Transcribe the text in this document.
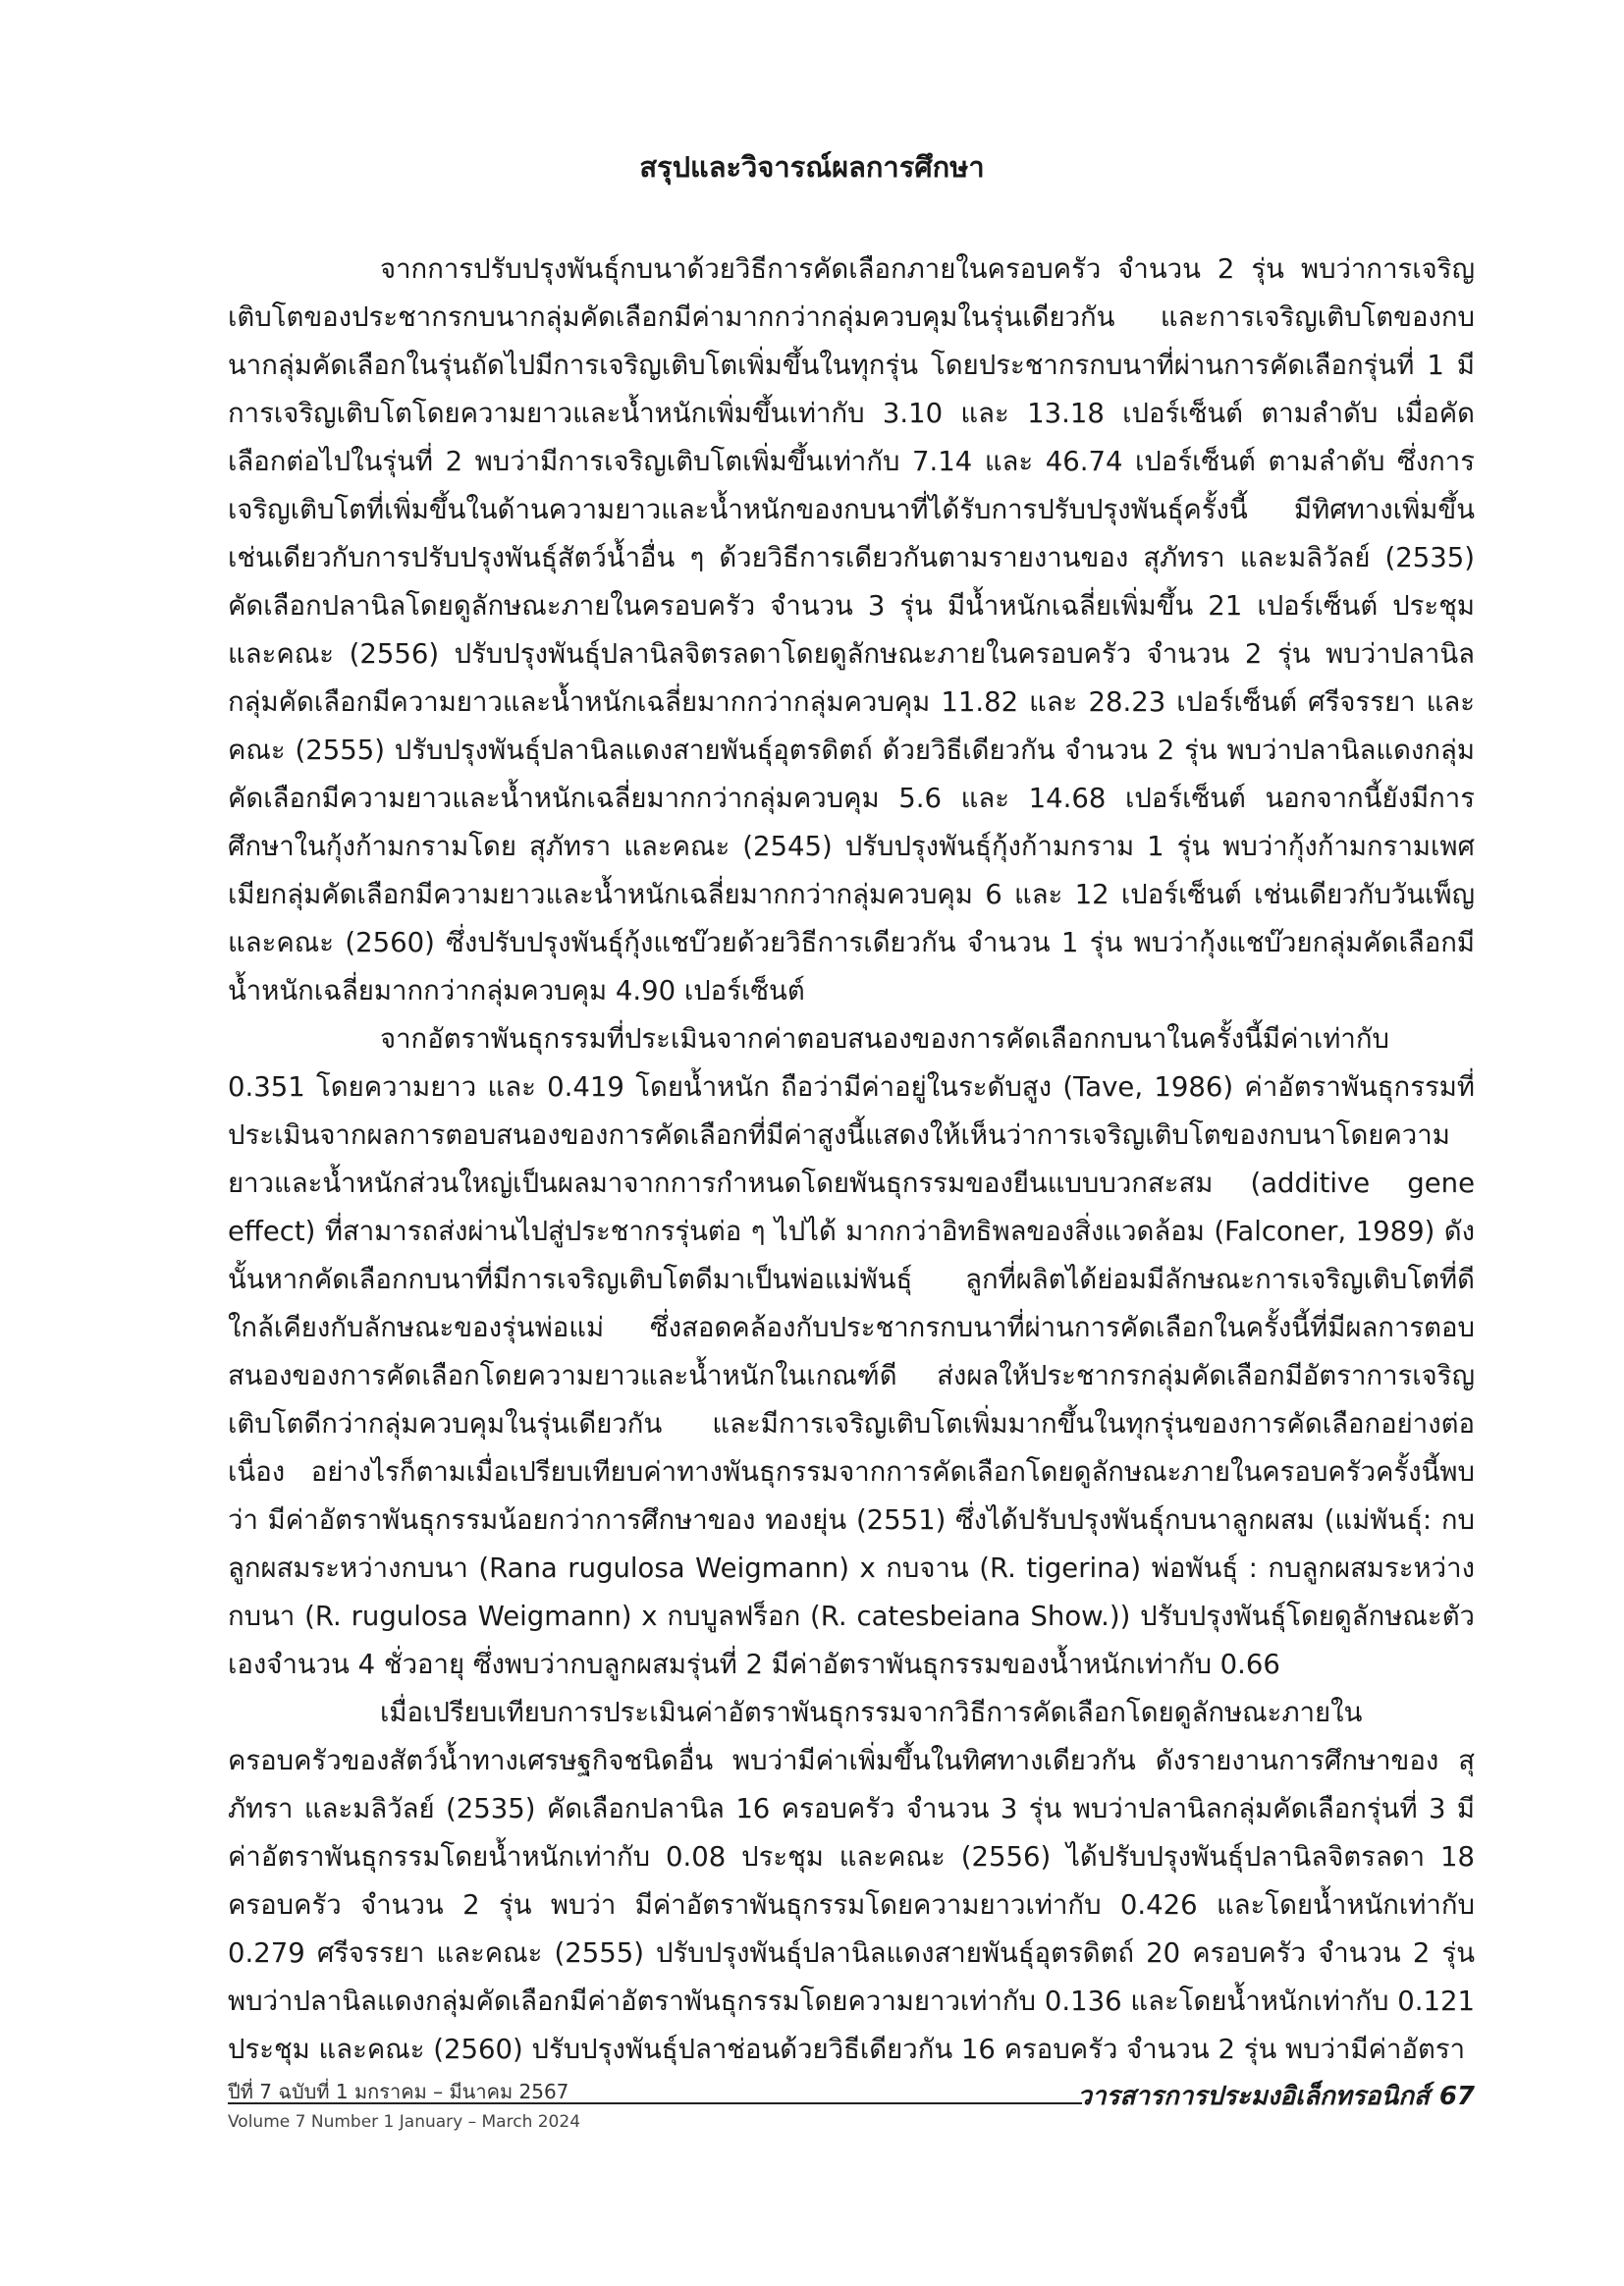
สรุปและวิจารณ์ผลการศึกษา

จากการปรับปรุงพันธุ์กบนาด้วยวิธีการคัดเลือกภายในครอบครัว จำนวน 2 รุ่น พบว่าการเจริญเติบโตของประชากรกบนากลุ่มคัดเลือกมีค่ามากกว่ากลุ่มควบคุมในรุ่นเดียวกัน และการเจริญเติบโตของกบนากลุ่มคัดเลือกในรุ่นถัดไปมีการเจริญเติบโตเพิ่มขึ้นในทุกรุ่น โดยประชากรกบนาที่ผ่านการคัดเลือกรุ่นที่ 1 มีการเจริญเติบโตโดยความยาวและน้ำหนักเพิ่มขึ้นเท่ากับ 3.10 และ 13.18 เปอร์เซ็นต์ ตามลำดับ เมื่อคัดเลือกต่อไปในรุ่นที่ 2 พบว่ามีการเจริญเติบโตเพิ่มขึ้นเท่ากับ 7.14 และ 46.74 เปอร์เซ็นต์ ตามลำดับ ซึ่งการเจริญเติบโตที่เพิ่มขึ้นในด้านความยาวและน้ำหนักของกบนาที่ได้รับการปรับปรุงพันธุ์ครั้งนี้ มีทิศทางเพิ่มขึ้นเช่นเดียวกับการปรับปรุงพันธุ์สัตว์น้ำอื่น ๆ ด้วยวิธีการเดียวกันตามรายงานของ สุภัทรา และมลิวัลย์ (2535) คัดเลือกปลานิลโดยดูลักษณะภายในครอบครัว จำนวน 3 รุ่น มีน้ำหนักเฉลี่ยเพิ่มขึ้น 21 เปอร์เซ็นต์ ประชุม และคณะ (2556) ปรับปรุงพันธุ์ปลานิลจิตรลดาโดยดูลักษณะภายในครอบครัว จำนวน 2 รุ่น พบว่าปลานิลกลุ่มคัดเลือกมีความยาวและน้ำหนักเฉลี่ยมากกว่ากลุ่มควบคุม 11.82 และ 28.23 เปอร์เซ็นต์ ศรีจรรยา และคณะ (2555) ปรับปรุงพันธุ์ปลานิลแดงสายพันธุ์อุตรดิตถ์ ด้วยวิธีเดียวกัน จำนวน 2 รุ่น พบว่าปลานิลแดงกลุ่มคัดเลือกมีความยาวและน้ำหนักเฉลี่ยมากกว่ากลุ่มควบคุม 5.6 และ 14.68 เปอร์เซ็นต์ นอกจากนี้ยังมีการศึกษาในกุ้งก้ามกรามโดย สุภัทรา และคณะ (2545) ปรับปรุงพันธุ์กุ้งก้ามกราม 1 รุ่น พบว่ากุ้งก้ามกรามเพศเมียกลุ่มคัดเลือกมีความยาวและน้ำหนักเฉลี่ยมากกว่ากลุ่มควบคุม 6 และ 12 เปอร์เซ็นต์ เช่นเดียวกับวันเพ็ญ และคณะ (2560) ซึ่งปรับปรุงพันธุ์กุ้งแชบ๊วยด้วยวิธีการเดียวกัน จำนวน 1 รุ่น พบว่ากุ้งแชบ๊วยกลุ่มคัดเลือกมีน้ำหนักเฉลี่ยมากกว่ากลุ่มควบคุม 4.90 เปอร์เซ็นต์

จากอัตราพันธุกรรมที่ประเมินจากค่าตอบสนองของการคัดเลือกกบนาในครั้งนี้มีค่าเท่ากับ 0.351 โดยความยาว และ 0.419 โดยน้ำหนัก ถือว่ามีค่าอยู่ในระดับสูง (Tave, 1986) ค่าอัตราพันธุกรรมที่ประเมินจากผลการตอบสนองของการคัดเลือกที่มีค่าสูงนี้แสดงให้เห็นว่าการเจริญเติบโตของกบนาโดยความยาวและน้ำหนักส่วนใหญ่เป็นผลมาจากการกำหนดโดยพันธุกรรมของยีนแบบบวกสะสม (additive gene effect) ที่สามารถส่งผ่านไปสู่ประชากรรุ่นต่อ ๆ ไปได้ มากกว่าอิทธิพลของสิ่งแวดล้อม (Falconer, 1989) ดังนั้นหากคัดเลือกกบนาที่มีการเจริญเติบโตดีมาเป็นพ่อแม่พันธุ์ ลูกที่ผลิตได้ย่อมมีลักษณะการเจริญเติบโตที่ดีใกล้เคียงกับลักษณะของรุ่นพ่อแม่ ซึ่งสอดคล้องกับประชากรกบนาที่ผ่านการคัดเลือกในครั้งนี้ที่มีผลการตอบสนองของการคัดเลือกโดยความยาวและน้ำหนักในเกณฑ์ดี ส่งผลให้ประชากรกลุ่มคัดเลือกมีอัตราการเจริญเติบโตดีกว่ากลุ่มควบคุมในรุ่นเดียวกัน และมีการเจริญเติบโตเพิ่มมากขึ้นในทุกรุ่นของการคัดเลือกอย่างต่อเนื่อง อย่างไรก็ตามเมื่อเปรียบเทียบค่าทางพันธุกรรมจากการคัดเลือกโดยดูลักษณะภายในครอบครัวครั้งนี้พบว่า มีค่าอัตราพันธุกรรมน้อยกว่าการศึกษาของ ทองยุ่น (2551) ซึ่งได้ปรับปรุงพันธุ์กบนาลูกผสม (แม่พันธุ์: กบลูกผสมระหว่างกบนา (Rana rugulosa Weigmann) x กบจาน (R. tigerina) พ่อพันธุ์ : กบลูกผสมระหว่างกบนา (R. rugulosa Weigmann) x กบบูลฟร็อก (R. catesbeiana Show.)) ปรับปรุงพันธุ์โดยดูลักษณะตัวเองจำนวน 4 ชั่วอายุ ซึ่งพบว่ากบลูกผสมรุ่นที่ 2 มีค่าอัตราพันธุกรรมของน้ำหนักเท่ากับ 0.66

เมื่อเปรียบเทียบการประเมินค่าอัตราพันธุกรรมจากวิธีการคัดเลือกโดยดูลักษณะภายในครอบครัวของสัตว์น้ำทางเศรษฐกิจชนิดอื่น พบว่ามีค่าเพิ่มขึ้นในทิศทางเดียวกัน ดังรายงานการศึกษาของ สุภัทรา และมลิวัลย์ (2535) คัดเลือกปลานิล 16 ครอบครัว จำนวน 3 รุ่น พบว่าปลานิลกลุ่มคัดเลือกรุ่นที่ 3 มีค่าอัตราพันธุกรรมโดยน้ำหนักเท่ากับ 0.08 ประชุม และคณะ (2556) ได้ปรับปรุงพันธุ์ปลานิลจิตรลดา 18 ครอบครัว จำนวน 2 รุ่น พบว่า มีค่าอัตราพันธุกรรมโดยความยาวเท่ากับ 0.426 และโดยน้ำหนักเท่ากับ 0.279 ศรีจรรยา และคณะ (2555) ปรับปรุงพันธุ์ปลานิลแดงสายพันธุ์อุตรดิตถ์ 20 ครอบครัว จำนวน 2 รุ่น พบว่าปลานิลแดงกลุ่มคัดเลือกมีค่าอัตราพันธุกรรมโดยความยาวเท่ากับ 0.136 และโดยน้ำหนักเท่ากับ 0.121 ประชุม และคณะ (2560) ปรับปรุงพันธุ์ปลาช่อนด้วยวิธีเดียวกัน 16 ครอบครัว จำนวน 2 รุ่น พบว่ามีค่าอัตรา

ปีที่ 7 ฉบับที่ 1 มกราคม – มีนาคม 2567
Volume 7 Number 1 January – March 2024
วารสารการประมงอิเล็กทรอนิกส์ 67
